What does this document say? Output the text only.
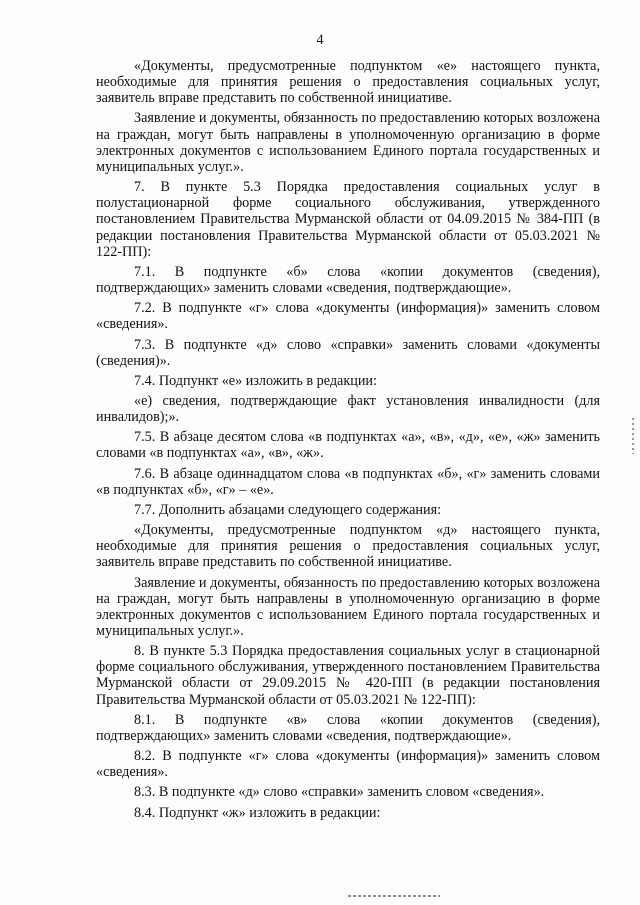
4

«Документы, предусмотренные подпунктом «е» настоящего пункта, необходимые для принятия решения о предоставления социальных услуг, заявитель вправе представить по собственной инициативе.

Заявление и документы, обязанность по предоставлению которых возложена на граждан, могут быть направлены в уполномоченную организацию в форме электронных документов с использованием Единого портала государственных и муниципальных услуг.».

7. В пункте 5.3 Порядка предоставления социальных услуг в полустационарной форме социального обслуживания, утвержденного постановлением Правительства Мурманской области от 04.09.2015 № 384-ПП (в редакции постановления Правительства Мурманской области от 05.03.2021 № 122-ПП):

7.1. В подпункте «б» слова «копии документов (сведения), подтверждающих» заменить словами «сведения, подтверждающие».

7.2. В подпункте «г» слова «документы (информация)» заменить словом «сведения».

7.3. В подпункте «д» слово «справки» заменить словами «документы (сведения)».

7.4. Подпункт «е» изложить в редакции:

«е) сведения, подтверждающие факт установления инвалидности (для инвалидов);».

7.5. В абзаце десятом слова «в подпунктах «а», «в», «д», «е», «ж» заменить словами «в подпунктах «а», «в», «ж».

7.6. В абзаце одиннадцатом слова «в подпунктах «б», «г» заменить словами «в подпунктах «б», «г» – «е».

7.7. Дополнить абзацами следующего содержания:

«Документы, предусмотренные подпунктом «д» настоящего пункта, необходимые для принятия решения о предоставления социальных услуг, заявитель вправе представить по собственной инициативе.

Заявление и документы, обязанность по предоставлению которых возложена на граждан, могут быть направлены в уполномоченную организацию в форме электронных документов с использованием Единого портала государственных и муниципальных услуг.».

8. В пункте 5.3 Порядка предоставления социальных услуг в стационарной форме социального обслуживания, утвержденного постановлением Правительства Мурманской области от 29.09.2015 № 420-ПП (в редакции постановления Правительства Мурманской области от 05.03.2021 № 122-ПП):

8.1. В подпункте «в» слова «копии документов (сведения), подтверждающих» заменить словами «сведения, подтверждающие».

8.2. В подпункте «г» слова «документы (информация)» заменить словом «сведения».

8.3. В подпункте «д» слово «справки» заменить словом «сведения».

8.4. Подпункт «ж» изложить в редакции:
